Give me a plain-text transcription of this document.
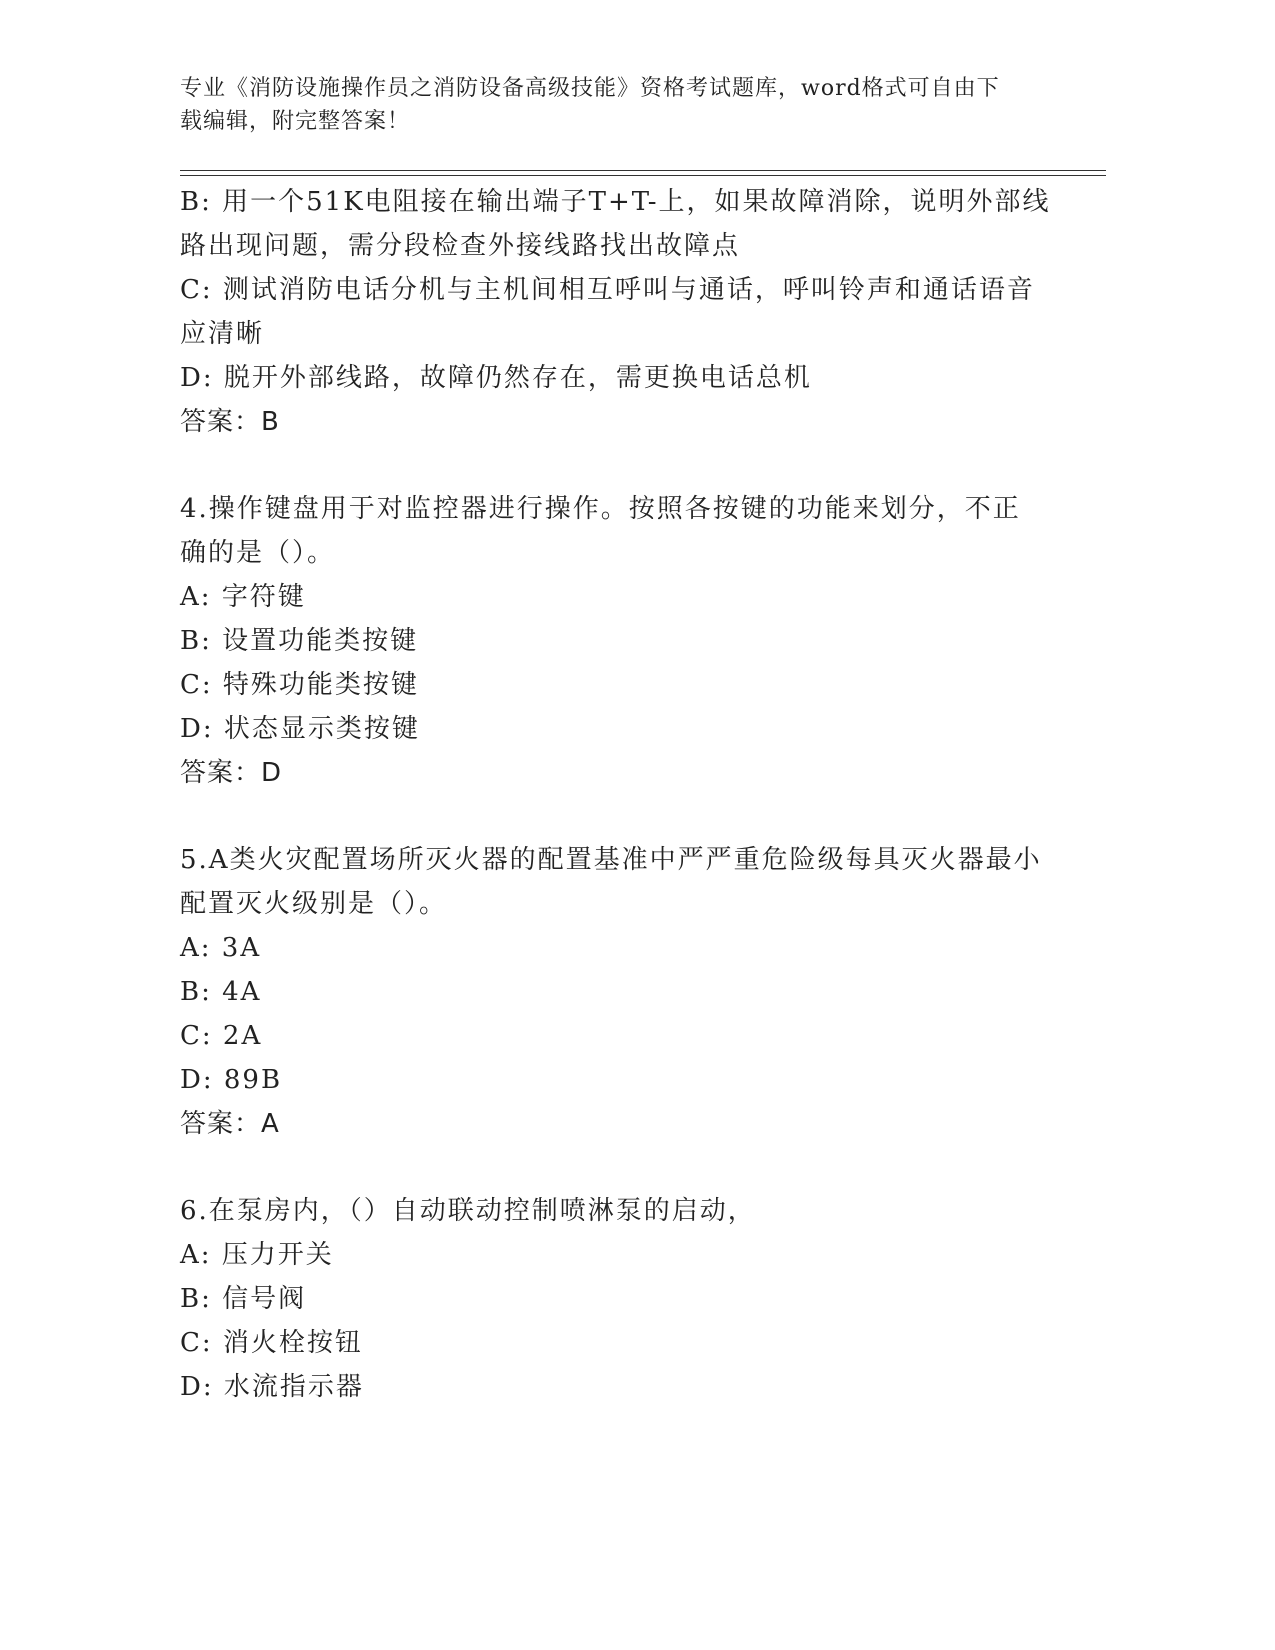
专业《消防设施操作员之消防设备高级技能》资格考试题库，word格式可自由下
载编辑，附完整答案！
B: 用一个51K电阻接在输出端子T+T-上，如果故障消除，说明外部线
路出现问题，需分段检查外接线路找出故障点
C: 测试消防电话分机与主机间相互呼叫与通话，呼叫铃声和通话语音
应清晰
D: 脱开外部线路，故障仍然存在，需更换电话总机
答案：B
4.操作键盘用于对监控器进行操作。按照各按键的功能来划分，不正
确的是（）。
A: 字符键
B: 设置功能类按键
C: 特殊功能类按键
D: 状态显示类按键
答案：D
5.A类火灾配置场所灭火器的配置基准中严严重危险级每具灭火器最小
配置灭火级别是（）。
A: 3A
B: 4A
C: 2A
D: 89B
答案：A
6.在泵房内，（）自动联动控制喷淋泵的启动，
A: 压力开关
B: 信号阀
C: 消火栓按钮
D: 水流指示器
